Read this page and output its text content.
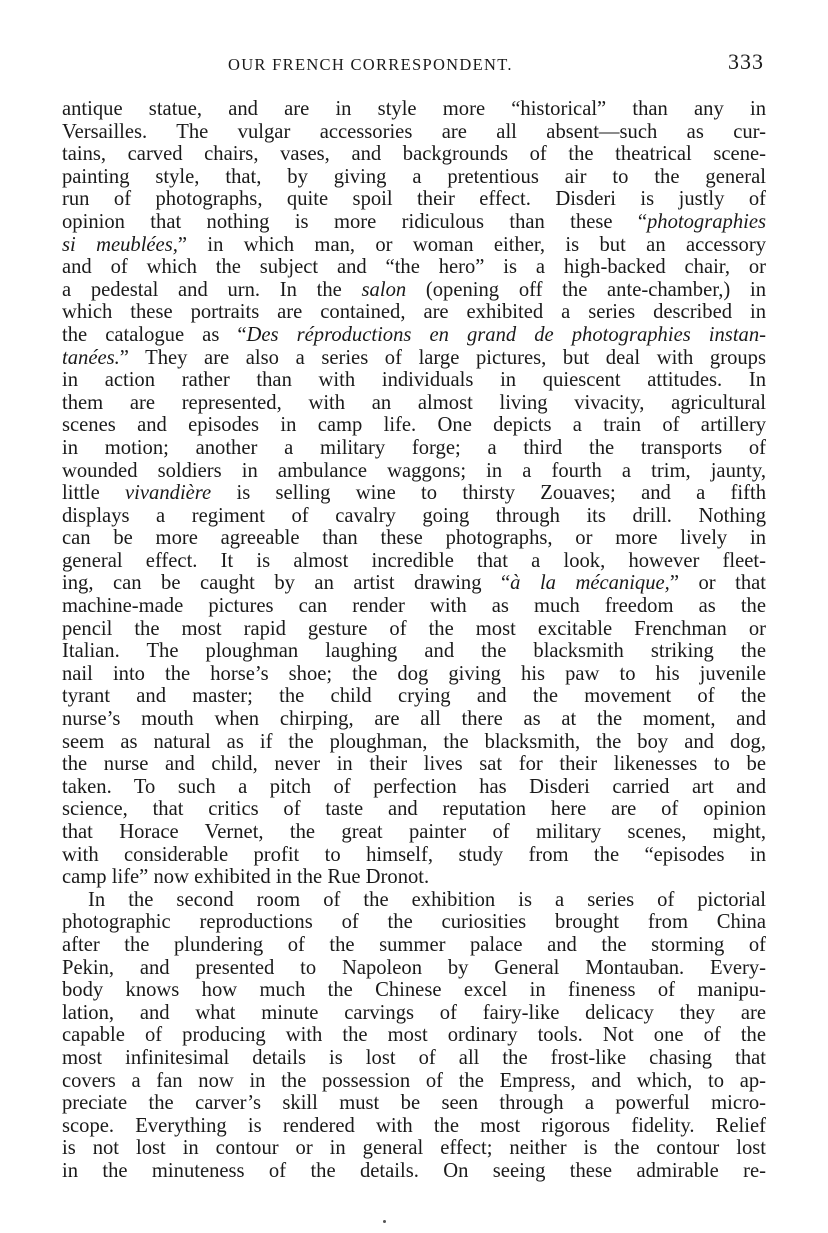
OUR FRENCH CORRESPONDENT.	333
antique statue, and are in style more “historical” than any in
Versailles. The vulgar accessories are all absent—such as cur-
tains, carved chairs, vases, and backgrounds of the theatrical scene-
painting style, that, by giving a pretentious air to the general
run of photographs, quite spoil their effect. Disderi is justly of
opinion that nothing is more ridiculous than these “photographies
si meublées,” in which man, or woman either, is but an accessory
and of which the subject and “the hero” is a high-backed chair, or
a pedestal and urn. In the salon (opening off the ante-chamber,) in
which these portraits are contained, are exhibited a series described in
the catalogue as “Des réproductions en grand de photographies instan-
tanées.” They are also a series of large pictures, but deal with groups
in action rather than with individuals in quiescent attitudes. In
them are represented, with an almost living vivacity, agricultural
scenes and episodes in camp life. One depicts a train of artillery
in motion; another a military forge; a third the transports of
wounded soldiers in ambulance waggons; in a fourth a trim, jaunty,
little vivandière is selling wine to thirsty Zouaves; and a fifth
displays a regiment of cavalry going through its drill. Nothing
can be more agreeable than these photographs, or more lively in
general effect. It is almost incredible that a look, however fleet-
ing, can be caught by an artist drawing “à la mécanique,” or that
machine-made pictures can render with as much freedom as the
pencil the most rapid gesture of the most excitable Frenchman or
Italian. The ploughman laughing and the blacksmith striking the
nail into the horse’s shoe; the dog giving his paw to his juvenile
tyrant and master; the child crying and the movement of the
nurse’s mouth when chirping, are all there as at the moment, and
seem as natural as if the ploughman, the blacksmith, the boy and dog,
the nurse and child, never in their lives sat for their likenesses to be
taken. To such a pitch of perfection has Disderi carried art and
science, that critics of taste and reputation here are of opinion
that Horace Vernet, the great painter of military scenes, might,
with considerable profit to himself, study from the “episodes in
camp life” now exhibited in the Rue Dronot.
In the second room of the exhibition is a series of pictorial
photographic reproductions of the curiosities brought from China
after the plundering of the summer palace and the storming of
Pekin, and presented to Napoleon by General Montauban. Every-
body knows how much the Chinese excel in fineness of manipu-
lation, and what minute carvings of fairy-like delicacy they are
capable of producing with the most ordinary tools. Not one of the
most infinitesimal details is lost of all the frost-like chasing that
covers a fan now in the possession of the Empress, and which, to ap-
preciate the carver’s skill must be seen through a powerful micro-
scope. Everything is rendered with the most rigorous fidelity. Relief
is not lost in contour or in general effect; neither is the contour lost
in the minuteness of the details. On seeing these admirable re-
